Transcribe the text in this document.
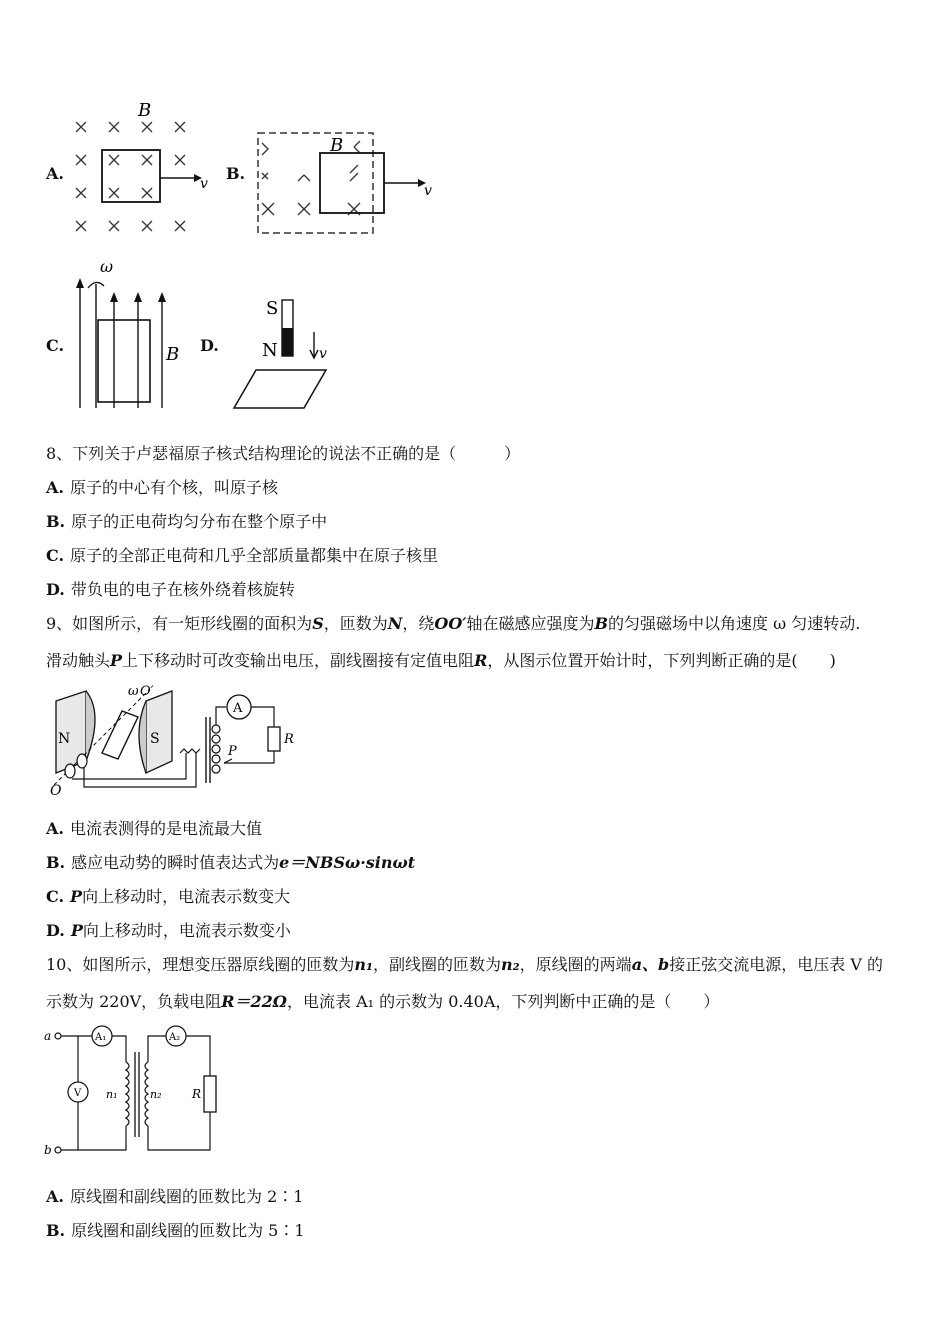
A.
B
v
B.
B
v
C.
ω
B D.
S
N	v
8、下列关于卢瑟福原子核式结构理论的说法不正确的是（　　　）
A. 原子的中心有个核，叫原子核
B. 原子的正电荷均匀分布在整个原子中
C. 原子的全部正电荷和几乎全部质量都集中在原子核里
D. 带负电的电子在核外绕着核旋转
9、如图所示，有一矩形线圈的面积为S，匝数为N，绕OO′轴在磁感应强度为B的匀强磁场中以角速度 ω 匀速转动.
滑动触头P上下移动时可改变输出电压，副线圈接有定值电阻R，从图示位置开始计时，下列判断正确的是(　　)
N	S
ω O′
O
A
R
P
A. 电流表测得的是电流最大值
B. 感应电动势的瞬时值表达式为e＝NBSω·sinωt
C. P向上移动时，电流表示数变大
D. P向上移动时，电流表示数变小
10、如图所示，理想变压器原线圈的匝数为n₁，副线圈的匝数为n₂，原线圈的两端a、b接正弦交流电源，电压表 V 的
示数为 220V，负载电阻R＝22Ω，电流表 A₁ 的示数为 0.40A，下列判断中正确的是（　　）
a
b
A₁
V n₁	n₂
A₂
R
A. 原线圈和副线圈的匝数比为 2∶1
B. 原线圈和副线圈的匝数比为 5∶1
